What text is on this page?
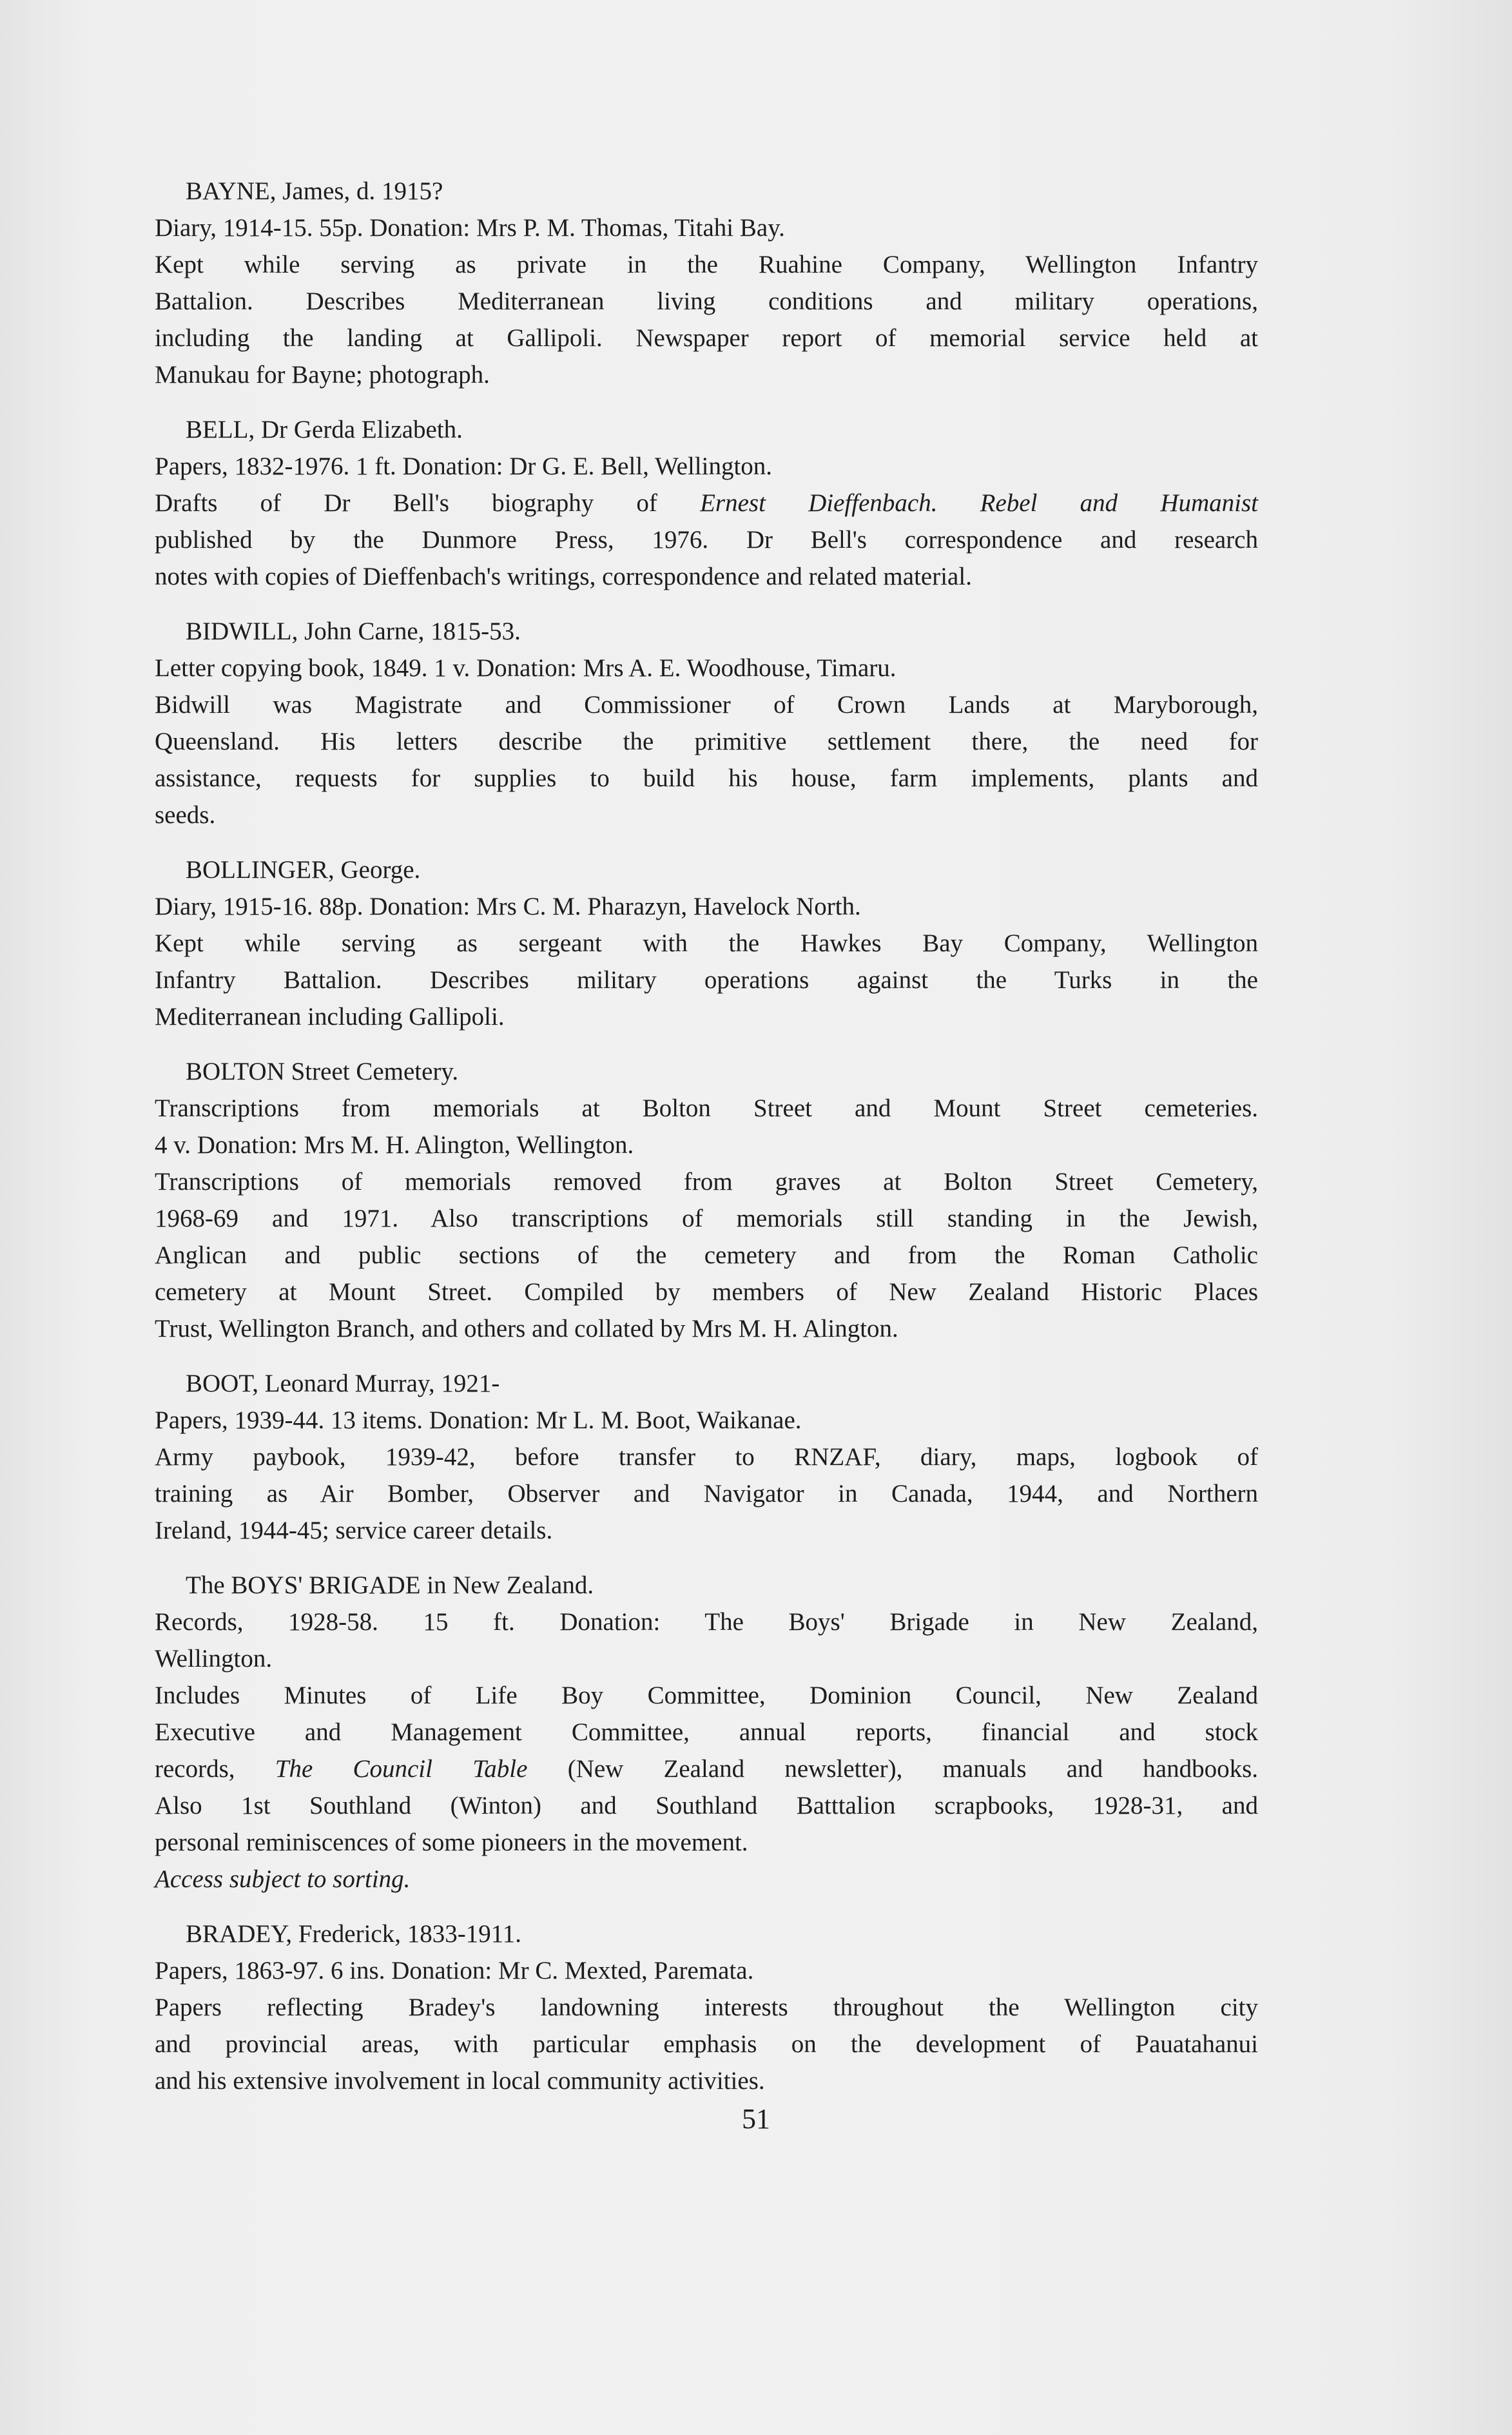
BAYNE, James, d. 1915?
Diary, 1914-15. 55p. Donation: Mrs P. M. Thomas, Titahi Bay.
Kept while serving as private in the Ruahine Company, Wellington Infantry
Battalion. Describes Mediterranean living conditions and military operations,
including the landing at Gallipoli. Newspaper report of memorial service held at
Manukau for Bayne; photograph.
BELL, Dr Gerda Elizabeth.
Papers, 1832-1976. 1 ft. Donation: Dr G. E. Bell, Wellington.
Drafts of Dr Bell's biography of Ernest Dieffenbach. Rebel and Humanist
published by the Dunmore Press, 1976. Dr Bell's correspondence and research
notes with copies of Dieffenbach's writings, correspondence and related material.
BIDWILL, John Carne, 1815-53.
Letter copying book, 1849. 1 v. Donation: Mrs A. E. Woodhouse, Timaru.
Bidwill was Magistrate and Commissioner of Crown Lands at Maryborough,
Queensland. His letters describe the primitive settlement there, the need for
assistance, requests for supplies to build his house, farm implements, plants and
seeds.
BOLLINGER, George.
Diary, 1915-16. 88p. Donation: Mrs C. M. Pharazyn, Havelock North.
Kept while serving as sergeant with the Hawkes Bay Company, Wellington
Infantry Battalion. Describes military operations against the Turks in the
Mediterranean including Gallipoli.
BOLTON Street Cemetery.
Transcriptions from memorials at Bolton Street and Mount Street cemeteries.
4 v. Donation: Mrs M. H. Alington, Wellington.
Transcriptions of memorials removed from graves at Bolton Street Cemetery,
1968-69 and 1971. Also transcriptions of memorials still standing in the Jewish,
Anglican and public sections of the cemetery and from the Roman Catholic
cemetery at Mount Street. Compiled by members of New Zealand Historic Places
Trust, Wellington Branch, and others and collated by Mrs M. H. Alington.
BOOT, Leonard Murray, 1921-
Papers, 1939-44. 13 items. Donation: Mr L. M. Boot, Waikanae.
Army paybook, 1939-42, before transfer to RNZAF, diary, maps, logbook of
training as Air Bomber, Observer and Navigator in Canada, 1944, and Northern
Ireland, 1944-45; service career details.
The BOYS' BRIGADE in New Zealand.
Records, 1928-58. 15 ft. Donation: The Boys' Brigade in New Zealand,
Wellington.
Includes Minutes of Life Boy Committee, Dominion Council, New Zealand
Executive and Management Committee, annual reports, financial and stock
records, The Council Table (New Zealand newsletter), manuals and handbooks.
Also 1st Southland (Winton) and Southland Batttalion scrapbooks, 1928-31, and
personal reminiscences of some pioneers in the movement.
Access subject to sorting.
BRADEY, Frederick, 1833-1911.
Papers, 1863-97. 6 ins. Donation: Mr C. Mexted, Paremata.
Papers reflecting Bradey's landowning interests throughout the Wellington city
and provincial areas, with particular emphasis on the development of Pauatahanui
and his extensive involvement in local community activities.
51
